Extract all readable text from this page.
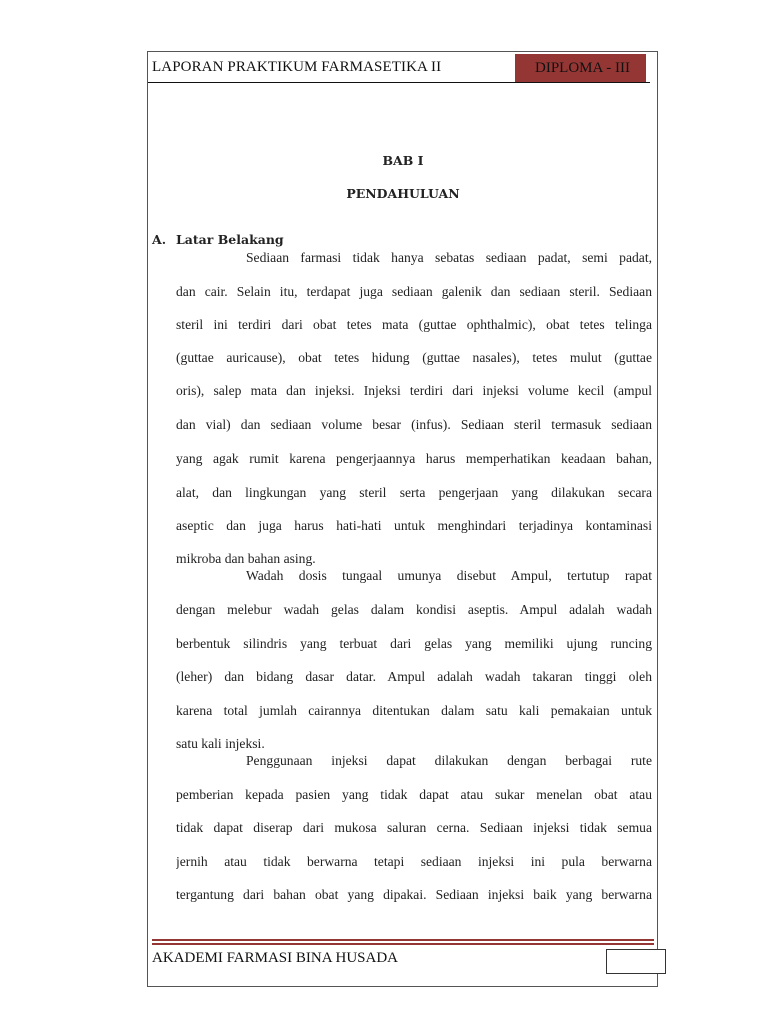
LAPORAN PRAKTIKUM FARMASETIKA II	DIPLOMA - III
BAB I
PENDAHULUAN
A. Latar Belakang
Sediaan farmasi tidak hanya sebatas sediaan padat, semi padat,
dan cair. Selain itu, terdapat juga sediaan galenik dan sediaan steril. Sediaan
steril ini terdiri dari obat tetes mata (guttae ophthalmic), obat tetes telinga
(guttae auricause), obat tetes hidung (guttae nasales), tetes mulut (guttae
oris), salep mata dan injeksi. Injeksi terdiri dari injeksi volume kecil (ampul
dan vial) dan sediaan volume besar (infus). Sediaan steril termasuk sediaan
yang agak rumit karena pengerjaannya harus memperhatikan keadaan bahan,
alat, dan lingkungan yang steril serta pengerjaan yang dilakukan secara
aseptic dan juga harus hati-hati untuk menghindari terjadinya kontaminasi
mikroba dan bahan asing.
Wadah dosis tungaal umunya disebut Ampul, tertutup rapat
dengan melebur wadah gelas dalam kondisi aseptis. Ampul adalah wadah
berbentuk silindris yang terbuat dari gelas yang memiliki ujung runcing
(leher) dan bidang dasar datar. Ampul adalah wadah takaran tinggi oleh
karena total jumlah cairannya ditentukan dalam satu kali pemakaian untuk
satu kali injeksi.
Penggunaan injeksi dapat dilakukan dengan berbagai rute
pemberian kepada pasien yang tidak dapat atau sukar menelan obat atau
tidak dapat diserap dari mukosa saluran cerna. Sediaan injeksi tidak semua
jernih atau tidak berwarna tetapi sediaan injeksi ini pula berwarna
tergantung dari bahan obat yang dipakai. Sediaan injeksi baik yang berwarna
AKADEMI FARMASI BINA HUSADA
